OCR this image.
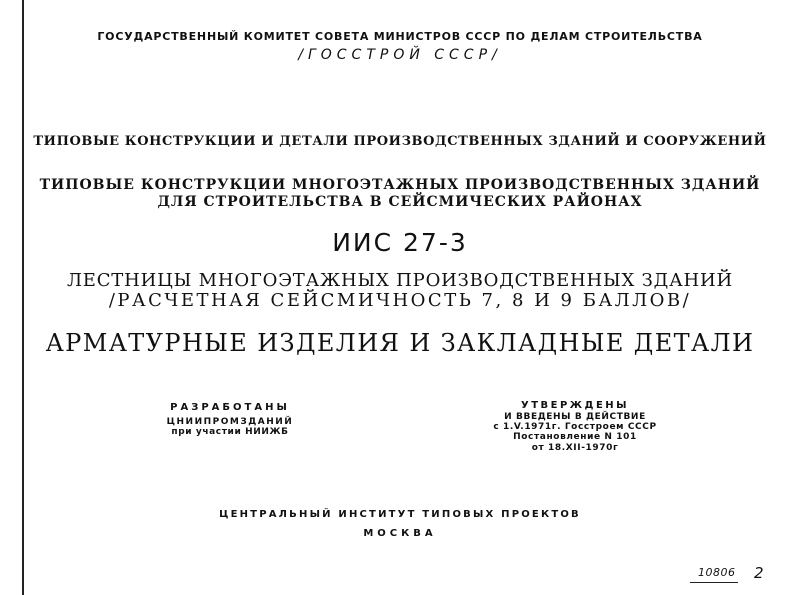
ГОСУДАРСТВЕННЫЙ КОМИТЕТ СОВЕТА МИНИСТРОВ СССР ПО ДЕЛАМ СТРОИТЕЛЬСТВА
/ГОССТРОЙ СССР/
ТИПОВЫЕ КОНСТРУКЦИИ И ДЕТАЛИ ПРОИЗВОДСТВЕННЫХ ЗДАНИЙ И СООРУЖЕНИЙ
ТИПОВЫЕ КОНСТРУКЦИИ МНОГОЭТАЖНЫХ ПРОИЗВОДСТВЕННЫХ ЗДАНИЙ
ДЛЯ СТРОИТЕЛЬСТВА В СЕЙСМИЧЕСКИХ РАЙОНАХ
ИИС 27-3
ЛЕСТНИЦЫ МНОГОЭТАЖНЫХ ПРОИЗВОДСТВЕННЫХ ЗДАНИЙ
/РАСЧЕТНАЯ СЕЙСМИЧНОСТЬ 7, 8 И 9 БАЛЛОВ/
АРМАТУРНЫЕ ИЗДЕЛИЯ И ЗАКЛАДНЫЕ ДЕТАЛИ
РАЗРАБОТАНЫ
ЦНИИПРОМЗДАНИЙ
при участии НИИЖБ
УТВЕРЖДЕНЫ
И ВВЕДЕНЫ В ДЕЙСТВИЕ
с 1.V.1971г. Госстроем СССР
Постановление N 101
от 18.XII-1970г
ЦЕНТРАЛЬНЫЙ ИНСТИТУТ ТИПОВЫХ ПРОЕКТОВ
МОСКВА
10806 2
